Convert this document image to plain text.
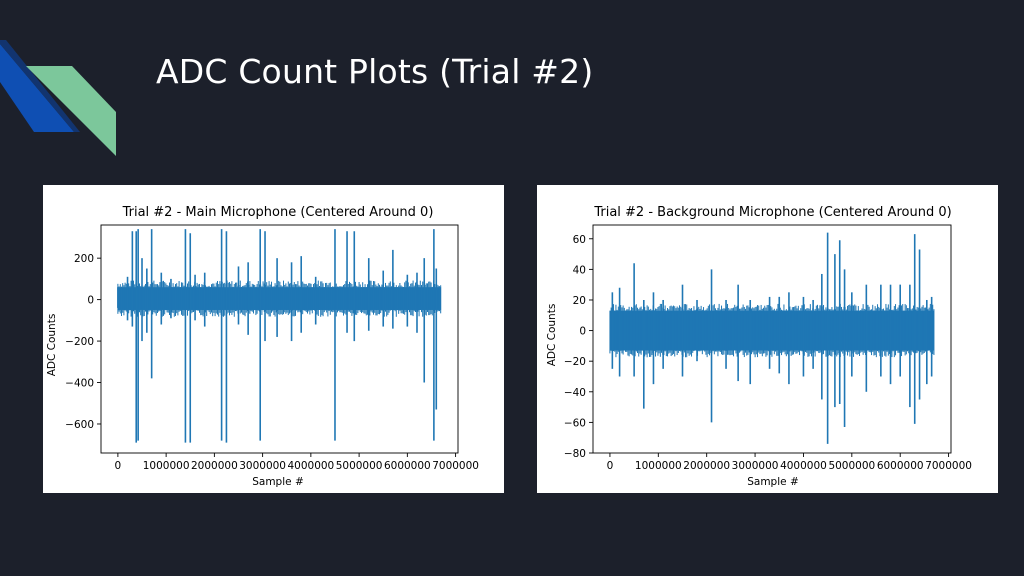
ADC Count Plots (Trial #2)
Trial #2 - Main Microphone (Centered Around 0)
ADC Counts
Sample #
0 1000000 2000000 3000000 4000000 5000000 6000000 7000000
−600
−400
−200
0
200
Trial #2 - Background Microphone (Centered Around 0)
ADC Counts
Sample #
0 1000000 2000000 3000000 4000000 5000000 6000000 7000000
−80
−60
−40
−20
0
20
40
60
